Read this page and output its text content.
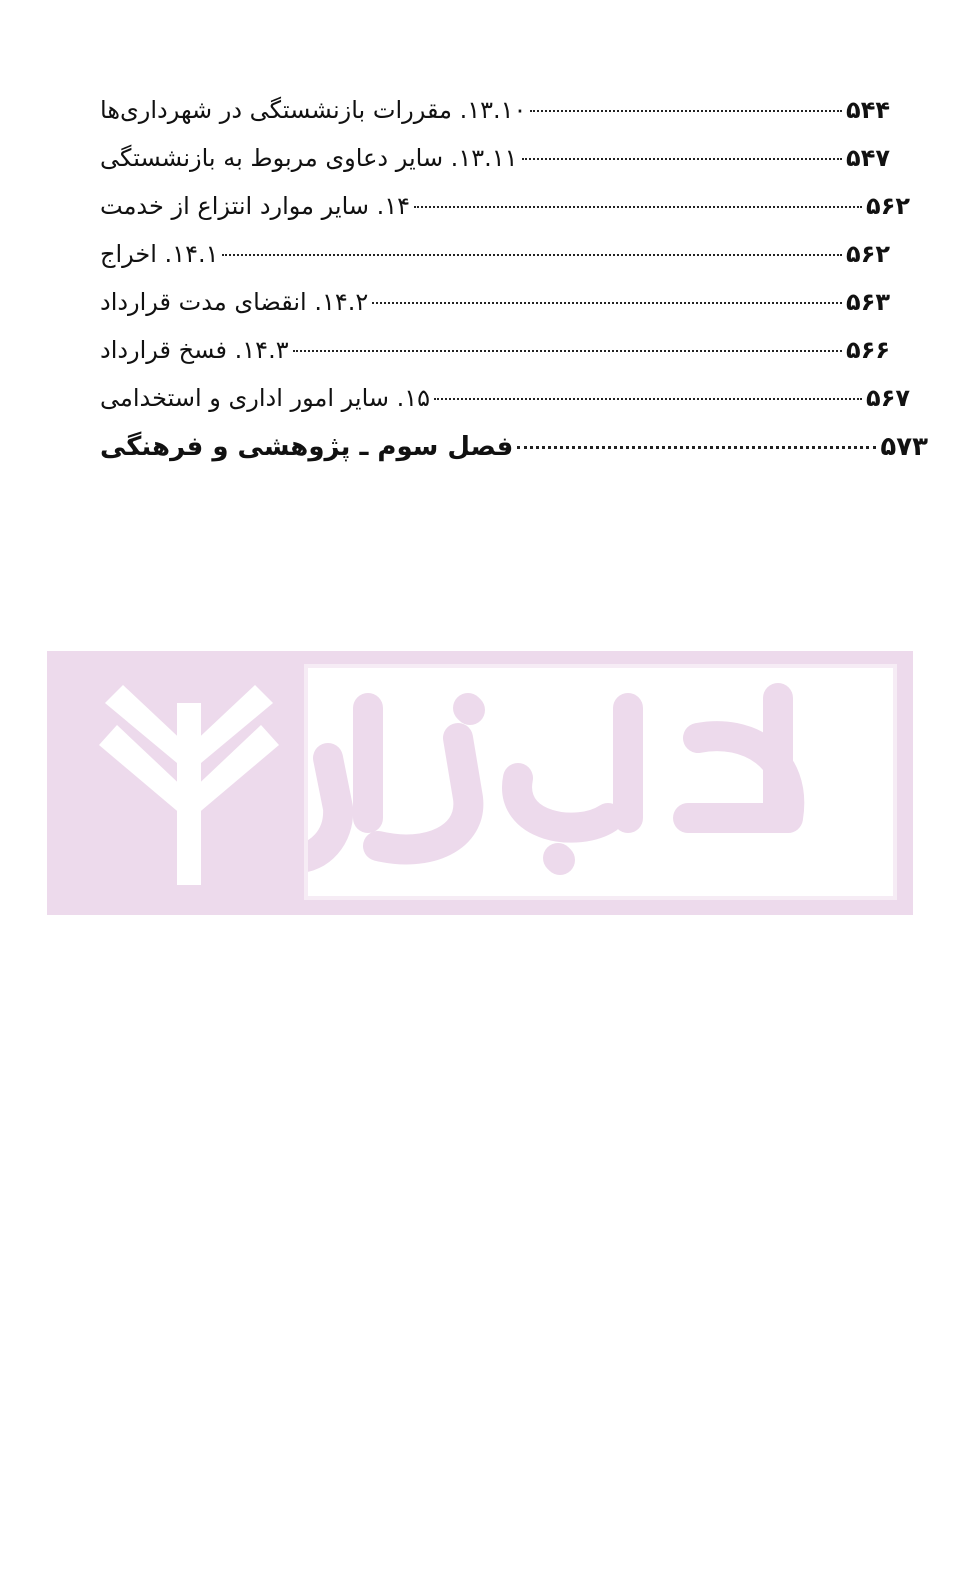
۱۳.۱۰. مقررات بازنشستگی در شهرداری‌ها	۵۴۴
۱۳.۱۱. سایر دعاوی مربوط به بازنشستگی	۵۴۷
۱۴. سایر موارد انتزاع از خدمت	۵۶۲
۱۴.۱. اخراج	۵۶۲
۱۴.۲. انقضای مدت قرارداد	۵۶۳
۱۴.۳. فسخ قرارداد	۵۶۶
۱۵. سایر امور اداری و استخدامی	۵۶۷
فصل سوم ـ پژوهشی و فرهنگی	۵۷۳
